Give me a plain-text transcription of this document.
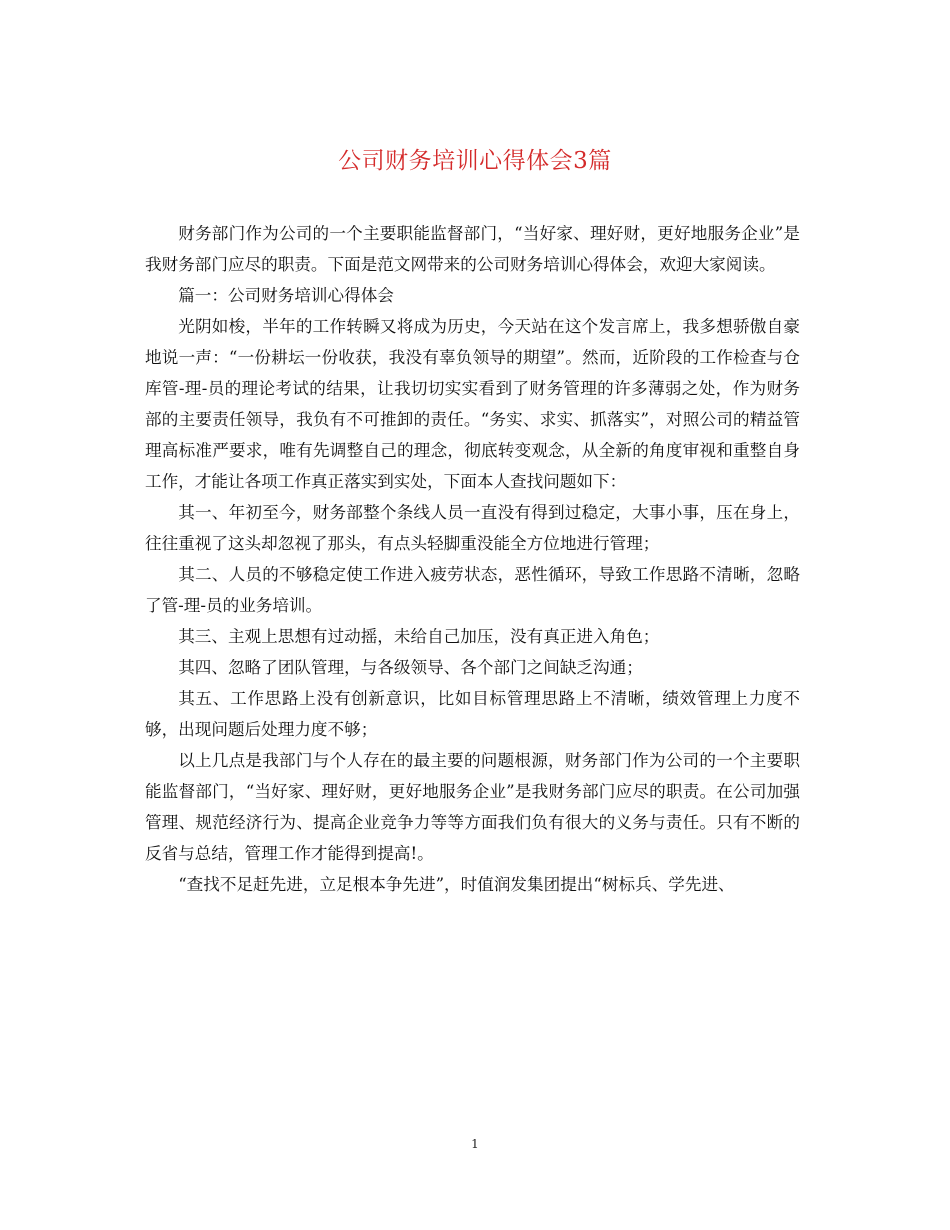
公司财务培训心得体会3篇

财务部门作为公司的一个主要职能监督部门，“当好家、理好财，更好地服务企业”是我财务部门应尽的职责。下面是范文网带来的公司财务培训心得体会，欢迎大家阅读。

篇一：公司财务培训心得体会

光阴如梭，半年的工作转瞬又将成为历史，今天站在这个发言席上，我多想骄傲自豪地说一声：“一份耕坛一份收获，我没有辜负领导的期望”。然而，近阶段的工作检查与仓库管-理-员的理论考试的结果，让我切切实实看到了财务管理的许多薄弱之处，作为财务部的主要责任领导，我负有不可推卸的责任。“务实、求实、抓落实”，对照公司的精益管理高标准严要求，唯有先调整自己的理念，彻底转变观念，从全新的角度审视和重整自身工作，才能让各项工作真正落实到实处，下面本人查找问题如下：

其一、年初至今，财务部整个条线人员一直没有得到过稳定，大事小事，压在身上，往往重视了这头却忽视了那头，有点头轻脚重没能全方位地进行管理；

其二、人员的不够稳定使工作进入疲劳状态，恶性循环，导致工作思路不清晰，忽略了管-理-员的业务培训。

其三、主观上思想有过动摇，未给自己加压，没有真正进入角色；

其四、忽略了团队管理，与各级领导、各个部门之间缺乏沟通；

其五、工作思路上没有创新意识，比如目标管理思路上不清晰，绩效管理上力度不够，出现问题后处理力度不够；

以上几点是我部门与个人存在的最主要的问题根源，财务部门作为公司的一个主要职能监督部门，“当好家、理好财，更好地服务企业”是我财务部门应尽的职责。在公司加强管理、规范经济行为、提高企业竞争力等等方面我们负有很大的义务与责任。只有不断的反省与总结，管理工作才能得到提高!。

“查找不足赶先进，立足根本争先进”，时值润发集团提出“树标兵、学先进、

1
